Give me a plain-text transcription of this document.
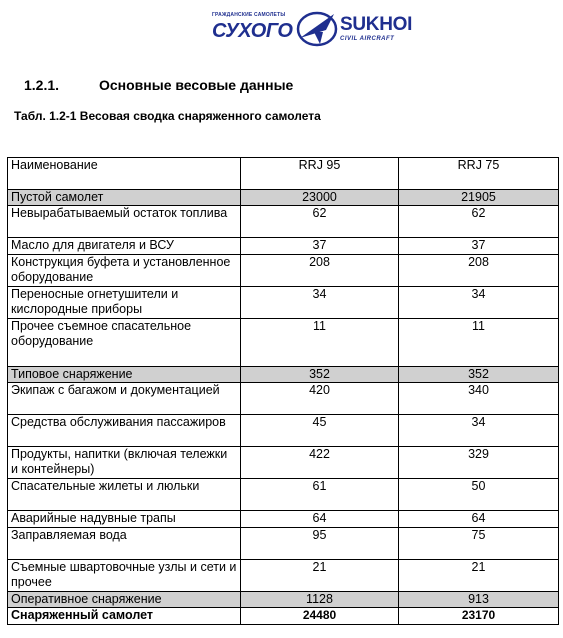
ГРАЖДАНСКИЕ САМОЛЕТЫ
СУХОГО	SUKHOI
CIVIL AIRCRAFT
1.2.1.	Основные весовые данные
Табл. 1.2-1 Весовая сводка снаряженного самолета
Наименование	RRJ 95	RRJ 75
Пустой самолет	23000	21905
Невырабатываемый остаток топлива	62	62
Масло для двигателя и ВСУ	37	37
Конструкция буфета и установленное оборудование	208	208
Переносные огнетушители и кислородные приборы	34	34
Прочее съемное спасательное оборудование	11	11
Типовое снаряжение	352	352
Экипаж с багажом и документацией	420	340
Средства обслуживания пассажиров	45	34
Продукты, напитки (включая тележки и контейнеры)	422	329
Спасательные жилеты и люльки	61	50
Аварийные надувные трапы	64	64
Заправляемая вода	95	75
Съемные швартовочные узлы и сети и прочее	21	21
Оперативное снаряжение	1128	913
Снаряженный самолет	24480	23170
